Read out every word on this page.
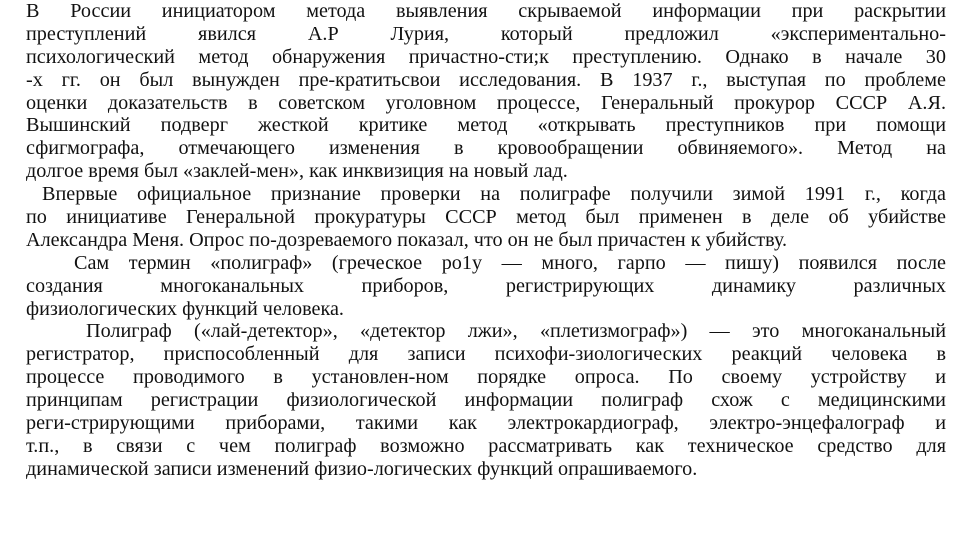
В России инициатором метода выявления скрываемой информации при раскрытии
преступлений явился А.Р Лурия, который предложил «экспериментально-
психологический метод обнаружения причастно-сти;к преступлению. Однако в начале 30
-х гг. он был вынужден пре-кратитьсвои исследования. В 1937 г., выступая по проблеме
оценки доказательств в советском уголовном процессе, Генеральный прокурор СССР А.Я.
Вышинский подверг жесткой критике метод «открывать преступников при помощи
сфигмографа, отмечающего изменения в кровообращении обвиняемого». Метод на
долгое время был «заклей-мен», как инквизиция на новый лад.
Впервые официальное признание проверки на полиграфе получили зимой 1991 г., когда
по инициативе Генеральной прокуратуры СССР метод был применен в деле об убийстве
Александра Меня. Опрос по-дозреваемого показал, что он не был причастен к убийству.
Сам термин «полиграф» (греческое ро1у — много, гарпо — пишу) появился после
создания многоканальных приборов, регистрирующих динамику различных
физиологических функций человека.
Полиграф («лай-детектор», «детектор лжи», «плетизмограф») — это многоканальный
регистратор, приспособленный для записи психофи-зиологических реакций человека в
процессе проводимого в установлен-ном порядке опроса. По своему устройству и
принципам регистрации физиологической информации полиграф схож с медицинскими
реги-стрирующими приборами, такими как электрокардиограф, электро-энцефалограф и
т.п., в связи с чем полиграф возможно рассматривать как техническое средство для
динамической записи изменений физио-логических функций опрашиваемого.
